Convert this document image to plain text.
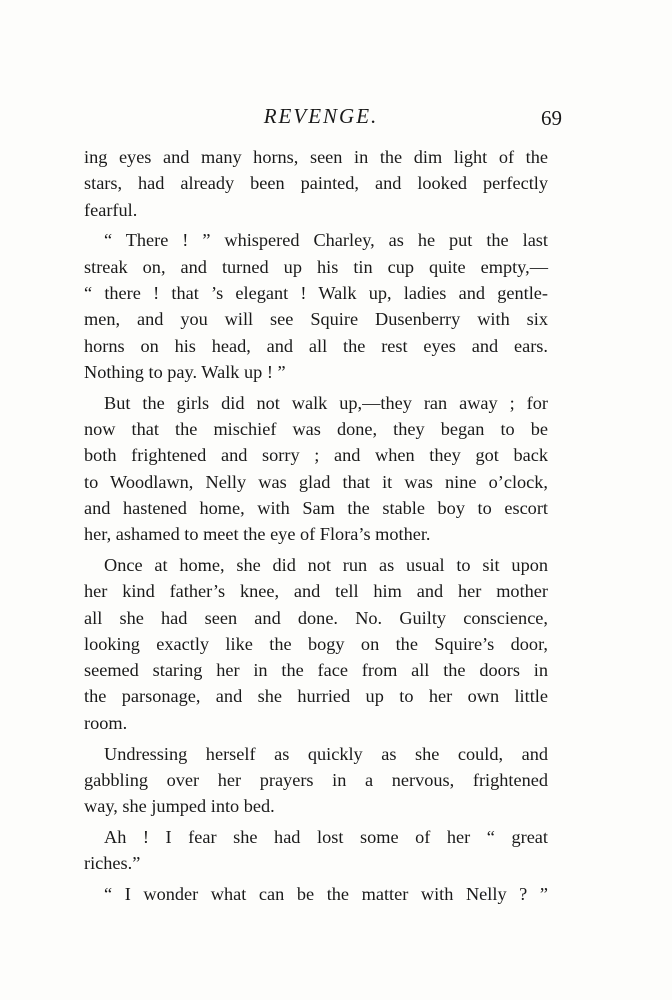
REVENGE.	69
ing eyes and many horns, seen in the dim light of the
stars, had already been painted, and looked perfectly
fearful.
“ There ! ” whispered Charley, as he put the last
streak on, and turned up his tin cup quite empty,—
“ there ! that ’s elegant ! Walk up, ladies and gentle-
men, and you will see Squire Dusenberry with six
horns on his head, and all the rest eyes and ears.
Nothing to pay. Walk up ! ”
But the girls did not walk up,—they ran away ; for
now that the mischief was done, they began to be
both frightened and sorry ; and when they got back
to Woodlawn, Nelly was glad that it was nine o’clock,
and hastened home, with Sam the stable boy to escort
her, ashamed to meet the eye of Flora’s mother.
Once at home, she did not run as usual to sit upon
her kind father’s knee, and tell him and her mother
all she had seen and done. No. Guilty conscience,
looking exactly like the bogy on the Squire’s door,
seemed staring her in the face from all the doors in
the parsonage, and she hurried up to her own little
room.
Undressing herself as quickly as she could, and
gabbling over her prayers in a nervous, frightened
way, she jumped into bed.
Ah ! I fear she had lost some of her “ great
riches.”
“ I wonder what can be the matter with Nelly ? ”
